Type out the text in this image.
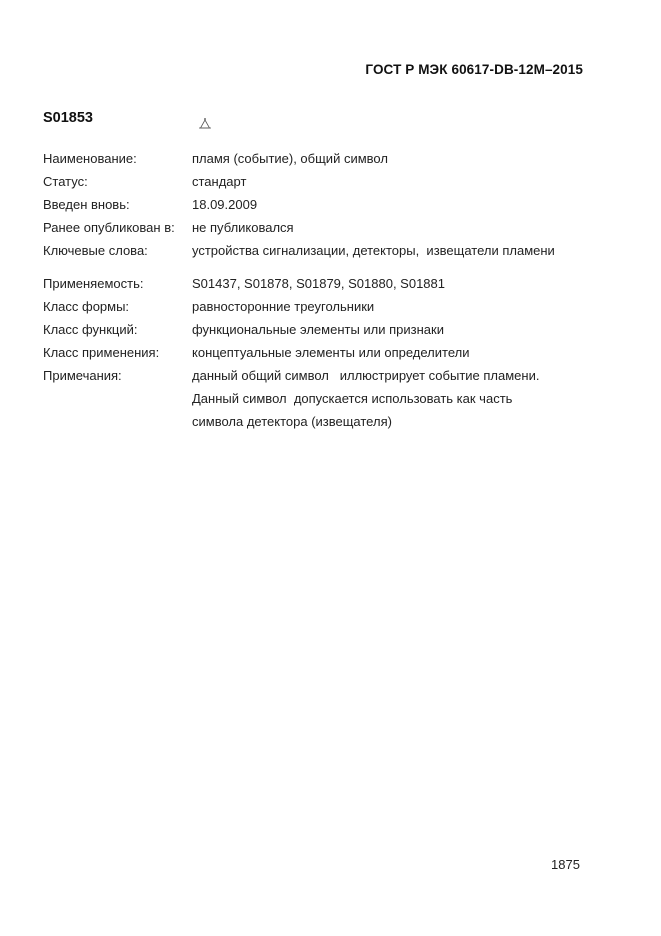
ГОСТ Р МЭК 60617-DB-12M–2015
S01853

Наименование:

	пламя (событие), общий символ

Статус:

	стандарт

Введен вновь:

	18.09.2009

Ранее опубликован в:

не публиковался

Ключевые слова:

	устройства сигнализации, детекторы,  извещатели пламени

Применяемость:

	S01437, S01878, S01879, S01880, S01881

Класс формы:

	равносторонние треугольники

Класс функций:

	функциональные элементы или признаки

Класс применения:

	концептуальные элементы или определители

Примечания:

	данный общий символ   иллюстрирует событие пламени.

Данный символ  допускается использовать как часть

символа детектора (извещателя)

1875
